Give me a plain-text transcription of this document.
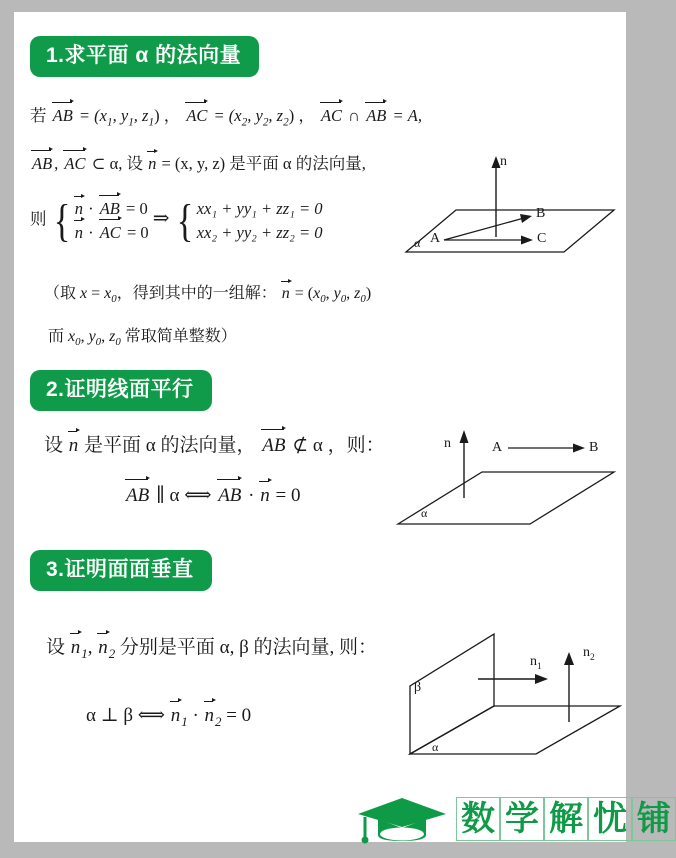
1.求平面 α 的法向量
若 AB = ($x_1$, $y_1$, $z_1$) ， AC = ($x_2$, $y_2$, $z_2$) ， AC ∩ AB = A,
AB , AC ⊂ α, 设 n = (x, y, z) 是平面 α 的法向量,
则 { n · AB = 0
n · AC = 0
⇒ { xx₁ + yy₁ + zz₁ = 0
xx₂ + yy₂ + zz₂ = 0
（取 $x = x_0$，得到其中的一组解： $n = (x_0$, $y_0$, $z_0$)
而 $x_0$, $y_0$, $z_0$ 常取简单整数）
n
α A
B
C
2.证明线面平行
设 n 是平面 α 的法向量， AB ⊄ α ，则：
AB ∥ α ⟺ AB · n = 0
n
α
A	B
3.证明面面垂直
设 $n_1$, $n_2$ 分别是平面 α, β 的法向量, 则：
α ⊥ β ⟺ $n_1 \cdot n_2 = 0$
β
α
$n_1$
$n_2$
数 学 解 忧 铺
